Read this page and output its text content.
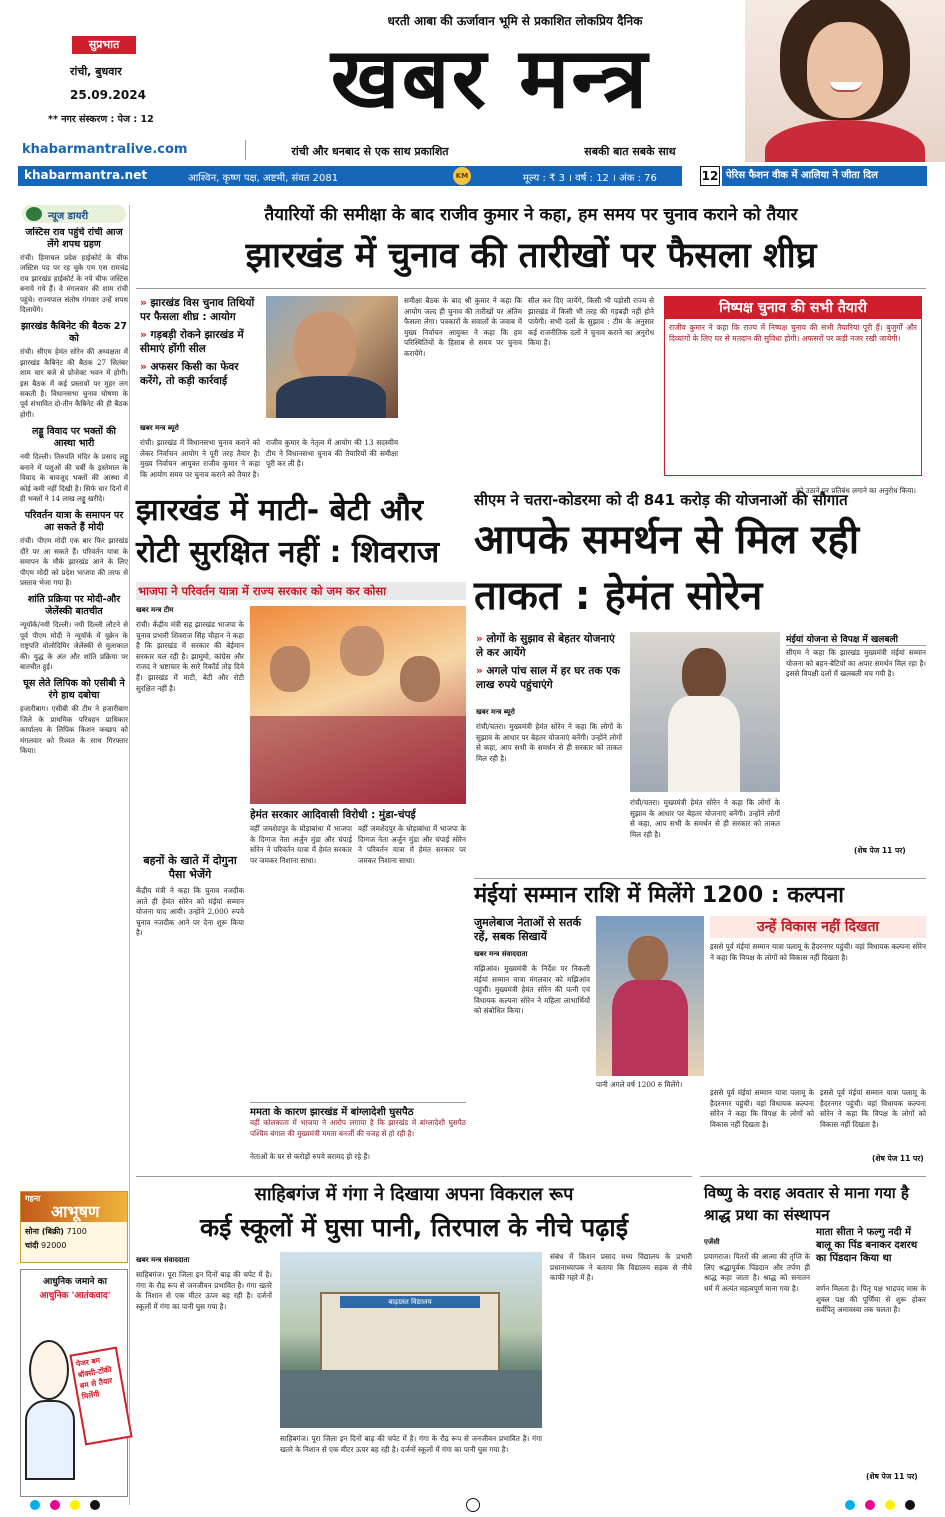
सुप्रभात
रांची, बुधवार
25.09.2024
** नगर संस्करण : पेज : 12
khabarmantralive.com
धरती आबा की ऊर्जावान भूमि से प्रकाशित लोकप्रिय दैनिक
खबर मन्त्र
रांची और धनबाद से एक साथ प्रकाशित	सबकी बात सबके साथ
khabarmantra.net	आश्विन, कृष्ण पक्ष, अष्टमी, संवत 2081	KM	मूल्य : ₹ 3 । वर्ष : 12 । अंक : 76	12 पेरिस फैशन वीक में आलिया ने जीता दिल
न्यूज डायरी
जस्टिस राव पहुंचे रांची आज लेंगे शपथ ग्रहण
रांची। हिमाचल प्रदेश हाईकोर्ट के चीफ जस्टिस पद पर रह चुके एम एस रामचंद्र राव झारखंड हाईकोर्ट के नये चीफ जस्टिस बनाये गये हैं। वे मंगलवार की शाम रांची पहुंचे। राज्यपाल संतोष गंगवार उन्हें शपथ दिलायेंगे।
झारखंड कैबिनेट की बैठक 27 को
रांची। सीएम हेमंत सोरेन की अध्यक्षता में झारखंड कैबिनेट की बैठक 27 सितंबर शाम चार बजे से प्रोजेक्ट भवन में होगी। इस बैठक में कई प्रस्तावों पर मुहर लग सकती है। विधानसभा चुनाव घोषणा के पूर्व संभावित दो-तीन कैबिनेट की ही बैठक होगी।
लड्डू विवाद पर भक्तों की आस्था भारी
नयी दिल्ली। तिरुपति मंदिर के प्रसाद लड्डू बनाने में पशुओं की चर्बी के इस्तेमाल के विवाद के बावजूद भक्तों की आस्था में कोई कमी नहीं दिखी है। सिर्फ चार दिनों में ही भक्तों ने 14 लाख लड्डू खरीदे।
परिवर्तन यात्रा के समापन पर आ सकते हैं मोदी
रांची। पीएम मोदी एक बार फिर झारखंड दौरे पर आ सकते हैं। परिवर्तन यात्रा के समापन के मौके झारखंड आने के लिए पीएम मोदी को प्रदेश भाजपा की तरफ से प्रस्ताव भेजा गया है।
शांति प्रक्रिया पर मोदी-और जेलेंस्की बातचीत
न्यूयॉर्क/नयी दिल्ली। नयी दिल्ली लौटने से पूर्व पीएम मोदी ने न्यूयॉर्क में यूक्रेन के राष्ट्रपति वोलोदिमिर जेलेंस्की से मुलाकात की। युद्ध के अंत और शांति प्रक्रिया पर बातचीत हुई।
घूस लेते लिपिक को एसीबी ने रंगे हाथ दबोचा
हजारीबाग। एसीबी की टीम ने हजारीबाग जिले के प्राथमिक परिवहन प्राधिकार कार्यालय के लिपिक किशन कच्छप को मंगलवार को रिश्वत के साथ गिरफ्तार किया।
गहना
आभूषण
सोना (बिक्री) 7100
चांदी 92000
आधुनिक जमाने का
आधुनिक 'आतंकवाद'
पेजर बम बॉक्सी-टॉकी बम से तैयार मिलेंगी
तैयारियों की समीक्षा के बाद राजीव कुमार ने कहा, हम समय पर चुनाव कराने को तैयार
झारखंड में चुनाव की तारीखों पर फैसला शीघ्र
» झारखंड विस चुनाव तिथियों पर फैसला शीघ्र : आयोग
» गड़बड़ी रोकने झारखंड में सीमाएं होंगी सील
» अफसर किसी का फेवर करेंगे, तो कड़ी कार्रवाई
खबर मन्त्र ब्यूरो
रांची। झारखंड में विधानसभा चुनाव कराने को लेकर निर्वाचन आयोग ने पूरी तरह तैयार है। मुख्य निर्वाचन आयुक्त राजीव कुमार ने कहा कि आयोग समय पर चुनाव कराने को तैयार है।
राजीव कुमार के नेतृत्व में आयोग की 13 सदस्यीय टीम ने विधानसभा चुनाव की तैयारियों की समीक्षा पूरी कर ली है।
समीक्षा बैठक के बाद श्री कुमार ने कहा कि आयोग जल्द ही चुनाव की तारीखों पर अंतिम फैसला लेगा। पत्रकारों के सवालों के जवाब में मुख्य निर्वाचन आयुक्त ने कहा कि हम परिस्थितियों के हिसाब से समय पर चुनाव करायेंगे।
सील कर दिए जायेंगे, किसी भी पड़ोसी राज्य से झारखंड में किसी भी तरह की गड़बड़ी नहीं होने पायेगी। सभी दलों के सुझाव : टीम के अनुसार कई राजनीतिक दलों ने चुनाव कराने का अनुरोध किया है।
निष्पक्ष चुनाव की सभी तैयारी
राजीव कुमार ने कहा कि राज्य में निष्पक्ष चुनाव की सभी तैयारियां पूरी हैं। बुजुर्गों और दिव्यांगों के लिए घर से मतदान की सुविधा होगी। अफसरों पर कड़ी नजर रखी जायेगी।
को उठाने पर प्रतिबंध लगाने का अनुरोध किया।
झारखंड में माटी- बेटी और रोटी सुरक्षित नहीं : शिवराज
भाजपा ने परिवर्तन यात्रा में राज्य सरकार को जम कर कोसा
खबर मन्त्र टीम
रांची। केंद्रीय मंत्री सह झारखंड भाजपा के चुनाव प्रभारी शिवराज सिंह चौहान ने कहा है कि झारखंड में सरकार की बेईमान सरकार चल रही है। झामुमो, कांग्रेस और राजद ने भ्रष्टाचार के सारे रिकॉर्ड तोड़ दिये हैं। झारखंड में माटी, बेटी और रोटी सुरक्षित नहीं है।
हेमंत सरकार आदिवासी विरोधी : मुंडा-चंपई
वहीं जमशेदपुर के घोड़ाबांधा में भाजपा के दिग्गज नेता अर्जुन मुंडा और चंपाई सोरेन ने परिवर्तन यात्रा में हेमंत सरकार पर जमकर निशाना साधा।
वहीं जमशेदपुर के घोड़ाबांधा में भाजपा के दिग्गज नेता अर्जुन मुंडा और चंपाई सोरेन ने परिवर्तन यात्रा में हेमंत सरकार पर जमकर निशाना साधा।
बहनों के खाते में दोगुना पैसा भेजेंगे
केंद्रीय मंत्री ने कहा कि चुनाव नजदीक आते ही हेमंत सोरेन को मंईयां सम्मान योजना याद आयी। उन्होंने 2,000 रुपये चुनाव नजदीक आने पर देना शुरू किया है।
ममता के कारण झारखंड में बांग्लादेशी घुसपैठ
वहीं कोलकाता में भाजपा ने आरोप लगाया है कि झारखंड में बांग्लादेशी घुसपैठ पश्चिम बंगाल की मुख्यमंत्री ममता बनर्जी की वजह से हो रही है।
नेताओं के घर से करोड़ों रुपये बरामद हो रहे हैं।
सीएम ने चतरा-कोडरमा को दी 841 करोड़ की योजनाओं की सौगात
आपके समर्थन से मिल रही ताकत : हेमंत सोरेन
» लोगों के सुझाव से बेहतर योजनाएं ले कर आयेंगे
» अगले पांच साल में हर घर तक एक लाख रुपये पहुंचाएंगे
खबर मन्त्र ब्यूरो
रांची/चतरा। मुख्यमंत्री हेमंत सोरेन ने कहा कि लोगों के सुझाव के आधार पर बेहतर योजनाएं बनेंगी। उन्होंने लोगों से कहा, आप सभी के समर्थन से ही सरकार को ताकत मिल रही है।
रांची/चतरा। मुख्यमंत्री हेमंत सोरेन ने कहा कि लोगों के सुझाव के आधार पर बेहतर योजनाएं बनेंगी। उन्होंने लोगों से कहा, आप सभी के समर्थन से ही सरकार को ताकत मिल रही है।
मंईयां योजना से विपक्ष में खलबली
सीएम ने कहा कि झारखंड मुख्यमंत्री मंईयां सम्मान योजना को बहन-बेटियों का अपार समर्थन मिल रहा है। इससे विपक्षी दलों में खलबली मच गयी है।
(शेष पेज 11 पर)
मंईयां सम्मान राशि में मिलेंगे 1200 : कल्पना
जुमलेबाज नेताओं से सतर्क रहें, सबक सिखायें
खबर मन्त्र संवाददाता
मझिआंव। मुख्यमंत्री के निर्देश पर निकली मंईयां सम्मान यात्रा मंगलवार को मझिआंव पहुंची। मुख्यमंत्री हेमंत सोरेन की पत्नी एवं विधायक कल्पना सोरेन ने महिला लाभार्थियों को संबोधित किया।
पानी अगले वर्ष 1200 रु मिलेंगे।
उन्हें विकास नहीं दिखता
इससे पूर्व मंईयां सम्मान यात्रा पलामू के हैदरनगर पहुंची। वहां विधायक कल्पना सोरेन ने कहा कि विपक्ष के लोगों को विकास नहीं दिखता है।
इससे पूर्व मंईयां सम्मान यात्रा पलामू के हैदरनगर पहुंची। वहां विधायक कल्पना सोरेन ने कहा कि विपक्ष के लोगों को विकास नहीं दिखता है।
इससे पूर्व मंईयां सम्मान यात्रा पलामू के हैदरनगर पहुंची। वहां विधायक कल्पना सोरेन ने कहा कि विपक्ष के लोगों को विकास नहीं दिखता है।
(शेष पेज 11 पर)
साहिबगंज में गंगा ने दिखाया अपना विकराल रूप
कई स्कूलों में घुसा पानी, तिरपाल के नीचे पढ़ाई
खबर मन्त्र संवाददाता
साहिबगंज। पूरा जिला इन दिनों बाढ़ की चपेट में है। गंगा के रौद्र रूप से जनजीवन प्रभावित है। गंगा खतरे के निशान से एक मीटर ऊपर बह रही है। दर्जनों स्कूलों में गंगा का पानी घुस गया है।	बाढ़ग्रस्त विद्यालय
साहिबगंज। पूरा जिला इन दिनों बाढ़ की चपेट में है। गंगा के रौद्र रूप से जनजीवन प्रभावित है। गंगा खतरे के निशान से एक मीटर ऊपर बह रही है। दर्जनों स्कूलों में गंगा का पानी घुस गया है।
संबंध में किशन प्रसाद मध्य विद्यालय के प्रभारी प्रधानाध्यापक ने बताया कि विद्यालय सड़क से नीचे काफी गहरे में है।
विष्णु के वराह अवतार से माना गया है श्राद्ध प्रथा का संस्थापन
एजेंसी
प्रयागराज। पितरों की आत्मा की तृप्ति के लिए श्रद्धापूर्वक पिंडदान और तर्पण ही श्राद्ध कहा जाता है। श्राद्ध को सनातन धर्म में अत्यंत महत्वपूर्ण माना गया है।
माता सीता ने फल्गु नदी में बालू का पिंड बनाकर दशरथ का पिंडदान किया था
वर्णन मिलता है। पितृ पक्ष भाद्रपद मास के शुक्ल पक्ष की पूर्णिमा से शुरू होकर सर्वपितृ अमावस्या तक चलता है।
(शेष पेज 11 पर)
